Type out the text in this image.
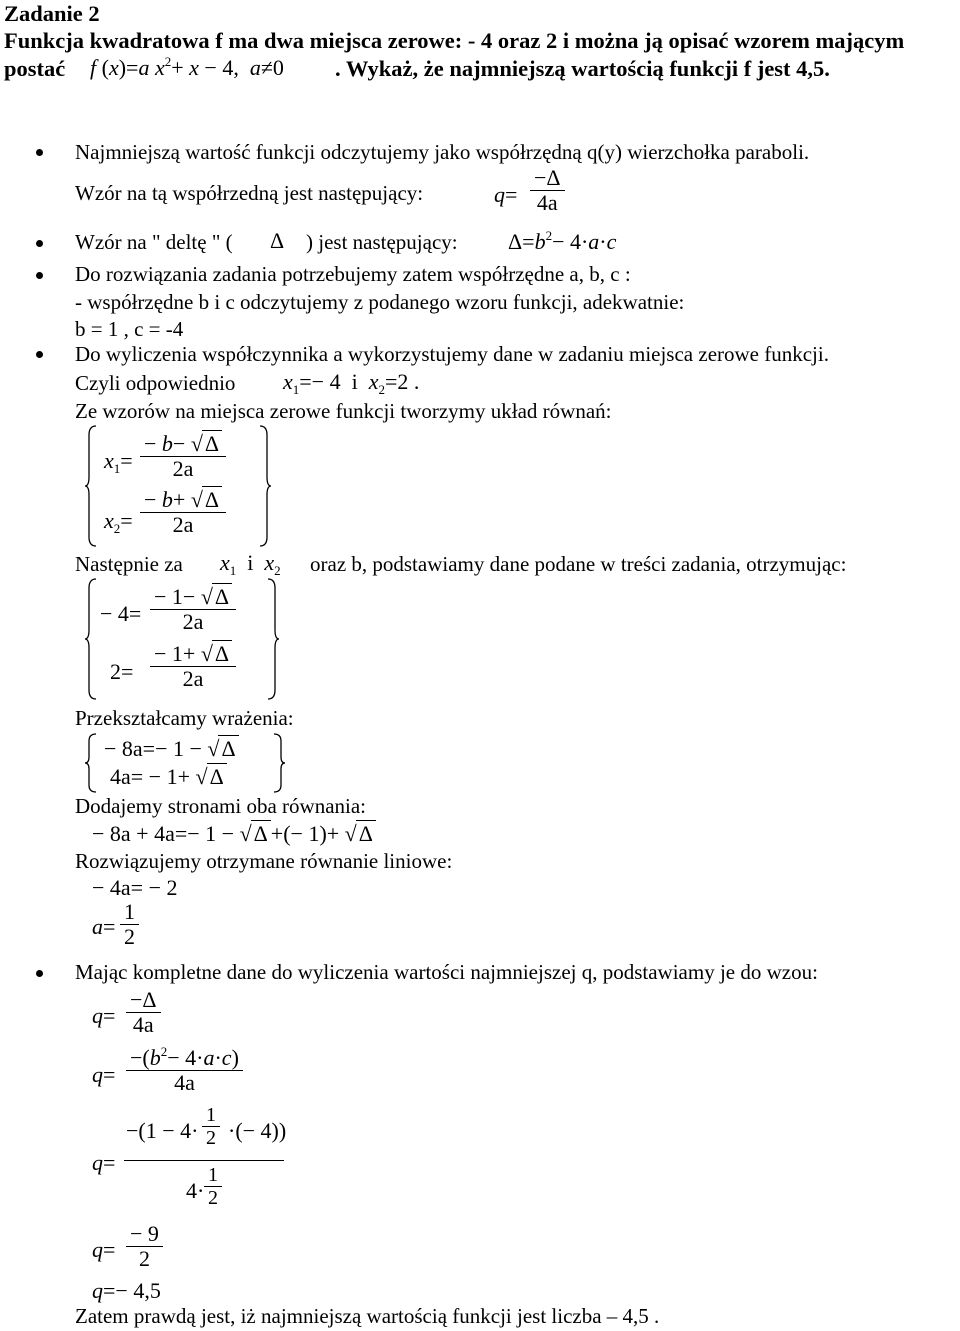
Zadanie 2
Funkcja kwadratowa f ma dwa miejsca zerowe: - 4 oraz 2 i można ją opisać wzorem mającym
postać f (x)=a $x^2+ x - 4$,  a≠0 . Wykaż, że najmniejszą wartością funkcji f jest 4,5.
Najmniejszą wartość funkcji odczytujemy jako współrzędną q(y) wierzchołka paraboli.
Wzór na tą współrzedną jest następujący:	q=
−Δ
4a
Wzór na " deltę " ( Δ ) jest następujący: $\Delta=b^2- 4\cdot a\cdot c$
Do rozwiązania zadania potrzebujemy zatem współrzędne a, b, c :
- współrzędne b i c odczytujemy z podanego wzoru funkcji, adekwatnie:
b = 1 , c = -4
Do wyliczenia współczynnika a wykorzystujemy dane w zadaniu miejsca zerowe funkcji.
Czyli odpowiednio $x_1=- 4$  i  $x_2=2$ .
Ze wzorów na miejsca zerowe funkcji tworzymy układ równań:
$x_1=$
− b− √Δ
2a
$x_2=$
− b+ √Δ
2a
Następnie za $x_1$  i  $x_2$ oraz b, podstawiamy dane podane w treści zadania, otrzymując:
− 4=
− 1− √Δ
2a
2=
− 1+ √Δ
2a
Przekształcamy wrażenia:
− 8a=− 1 − √Δ
4a= − 1+ √Δ
Dodajemy stronami oba równania:
− 8a + 4a=− 1 − √Δ +(− 1)+ √Δ
Rozwiązujemy otrzymane równanie liniowe:
− 4a= − 2
a=
1
2
Mając kompletne dane do wyliczenia wartości najmniejszej q, podstawiamy je do wzou:
q=
−Δ
4a
q=
$-(b^2- 4\cdot a\cdot c)$
4a
q=
−(1 − 4·
1
2 ·(− 4))
4·
1
2
q=
− 9
2
q=− 4,5
Zatem prawdą jest, iż najmniejszą wartością funkcji jest liczba – 4,5 .
